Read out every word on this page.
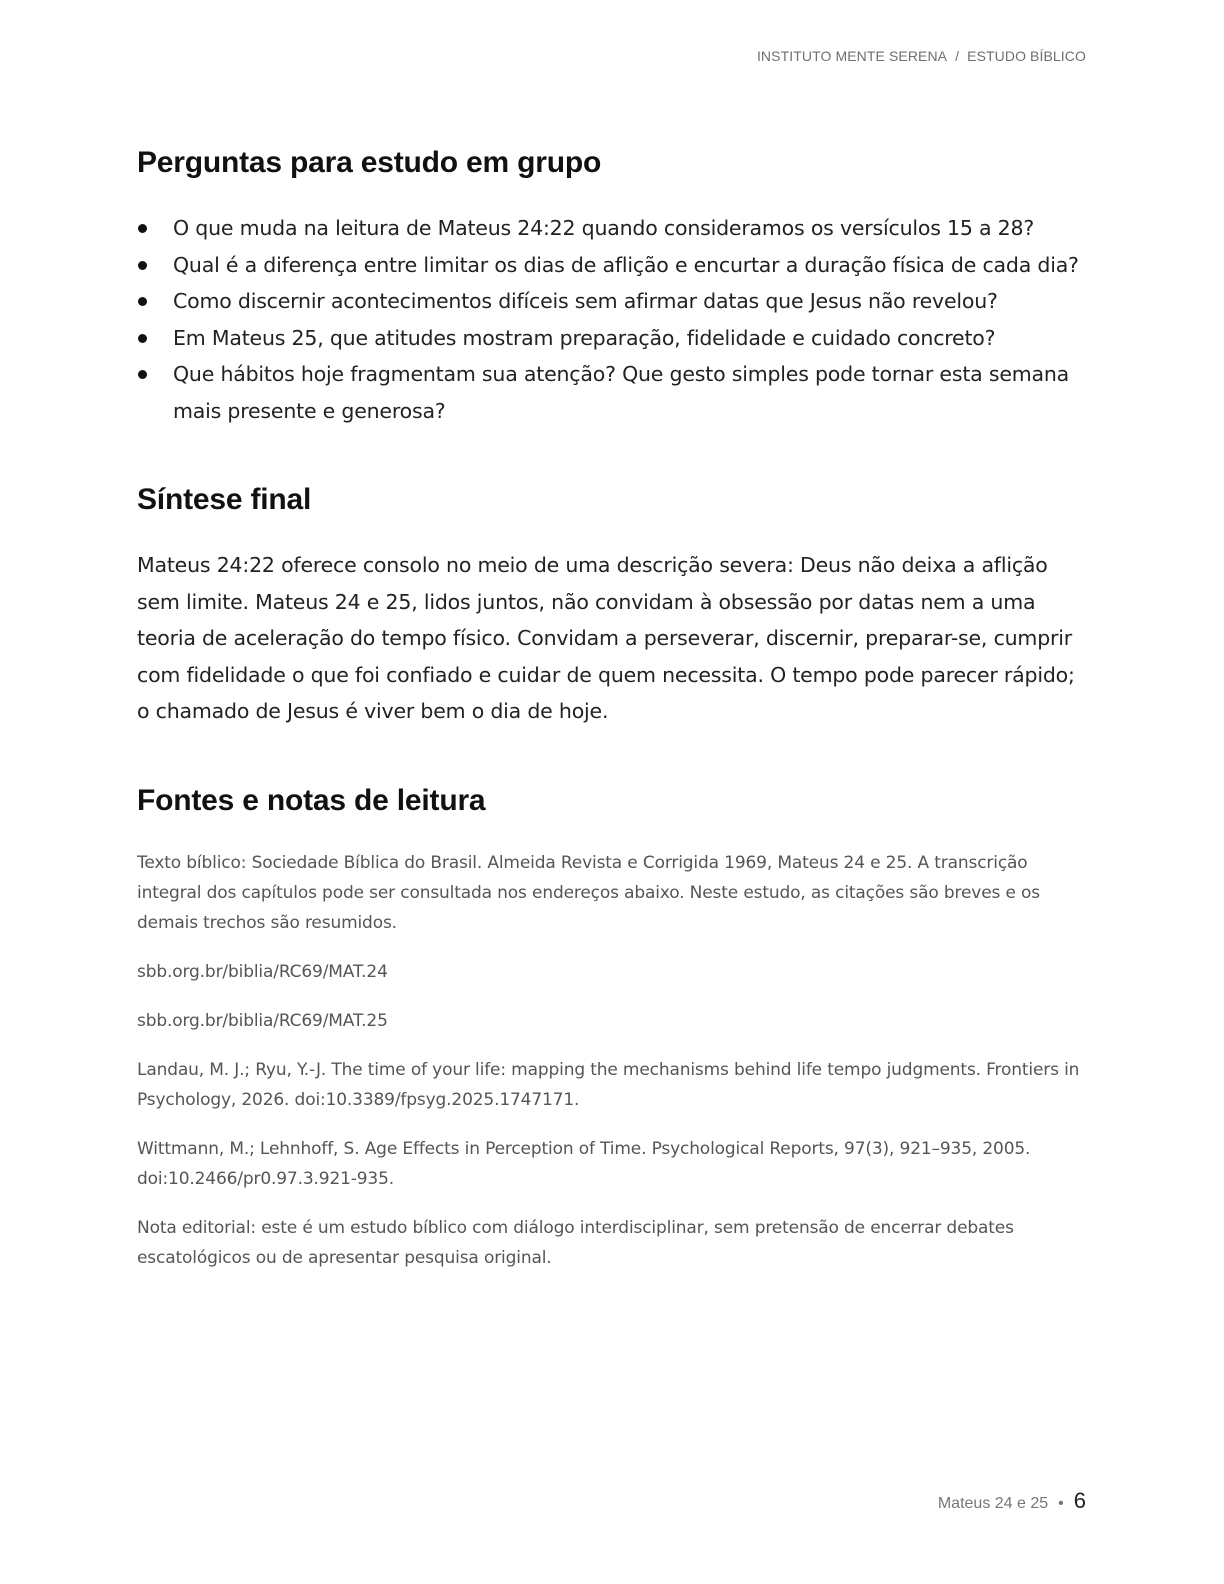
INSTITUTO MENTE SERENA / ESTUDO BÍBLICO
Perguntas para estudo em grupo
O que muda na leitura de Mateus 24:22 quando consideramos os versículos 15 a 28?
Qual é a diferença entre limitar os dias de aflição e encurtar a duração física de cada dia?
Como discernir acontecimentos difíceis sem afirmar datas que Jesus não revelou?
Em Mateus 25, que atitudes mostram preparação, fidelidade e cuidado concreto?
Que hábitos hoje fragmentam sua atenção? Que gesto simples pode tornar esta semana mais presente e generosa?
Síntese final

Mateus 24:22 oferece consolo no meio de uma descrição severa: Deus não deixa a aflição sem limite. Mateus 24 e 25, lidos juntos, não convidam à obsessão por datas nem a uma teoria de aceleração do tempo físico. Convidam a perseverar, discernir, preparar-se, cumprir com fidelidade o que foi confiado e cuidar de quem necessita. O tempo pode parecer rápido; o chamado de Jesus é viver bem o dia de hoje.

Fontes e notas de leitura

Texto bíblico: Sociedade Bíblica do Brasil. Almeida Revista e Corrigida 1969, Mateus 24 e 25. A transcrição integral dos capítulos pode ser consultada nos endereços abaixo. Neste estudo, as citações são breves e os demais trechos são resumidos.

sbb.org.br/biblia/RC69/MAT.24

sbb.org.br/biblia/RC69/MAT.25

Landau, M. J.; Ryu, Y.-J. The time of your life: mapping the mechanisms behind life tempo judgments. Frontiers in Psychology, 2026. doi:10.3389/fpsyg.2025.1747171.

Wittmann, M.; Lehnhoff, S. Age Effects in Perception of Time. Psychological Reports, 97(3), 921–935, 2005. doi:10.2466/pr0.97.3.921-935.

Nota editorial: este é um estudo bíblico com diálogo interdisciplinar, sem pretensão de encerrar debates escatológicos ou de apresentar pesquisa original.

Mateus 24 e 25 • 6
